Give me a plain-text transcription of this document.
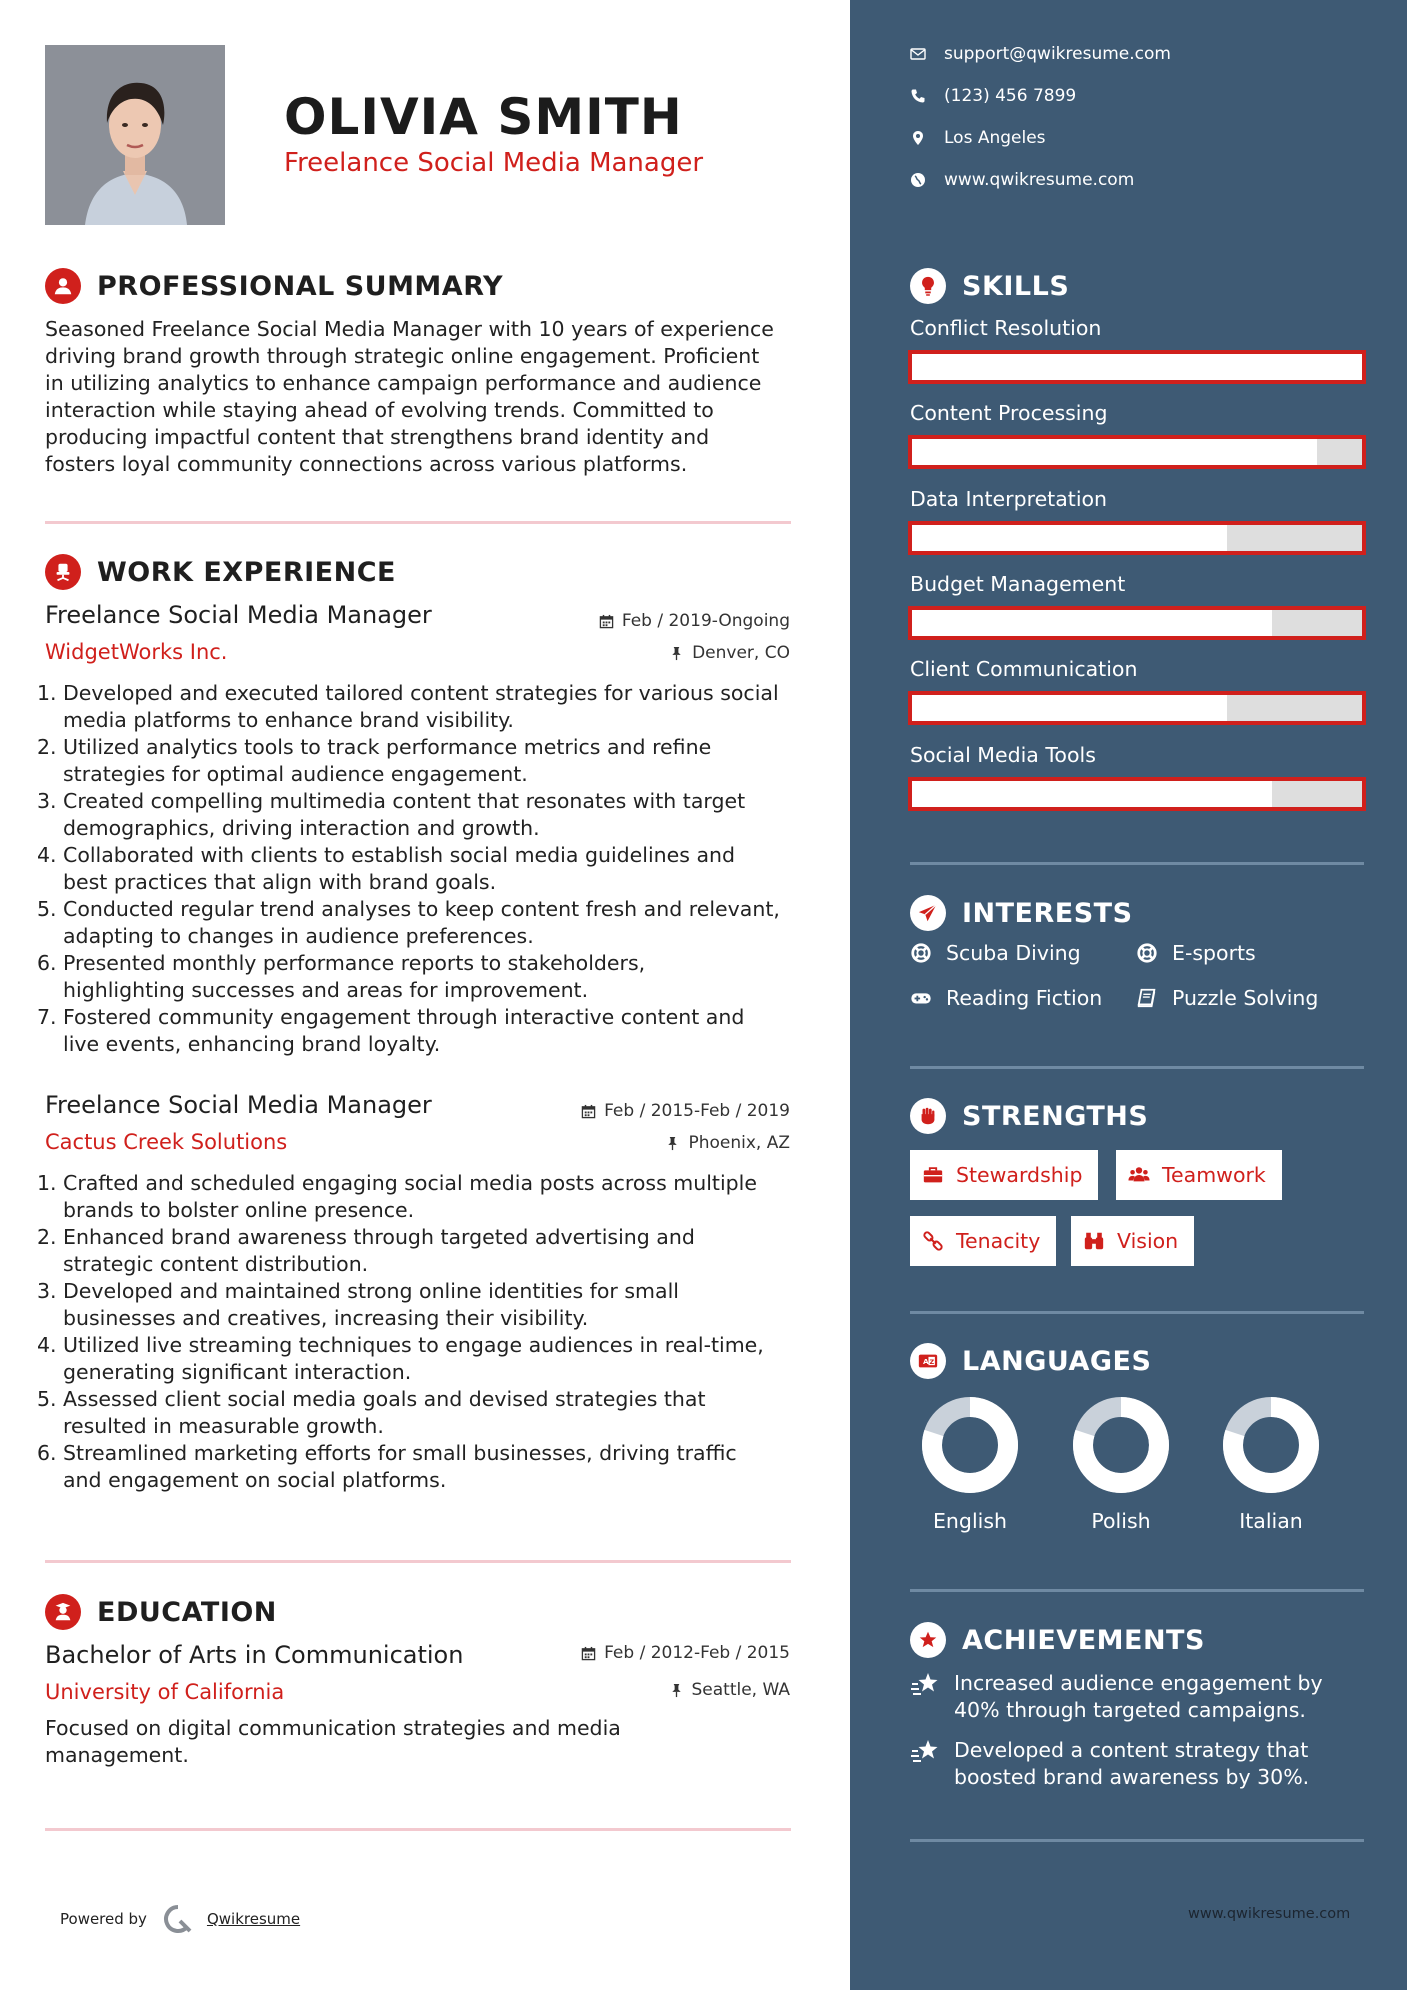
OLIVIA SMITH
Freelance Social Media Manager
PROFESSIONAL SUMMARY
Seasoned Freelance Social Media Manager with 10 years of experience
driving brand growth through strategic online engagement. Proficient
in utilizing analytics to enhance campaign performance and audience
interaction while staying ahead of evolving trends. Committed to
producing impactful content that strengthens brand identity and
fosters loyal community connections across various platforms.
WORK EXPERIENCE
Freelance Social Media Manager	Feb / 2019-Ongoing
WidgetWorks Inc.	Denver, CO
Developed and executed tailored content strategies for various social
media platforms to enhance brand visibility.
Utilized analytics tools to track performance metrics and refine
strategies for optimal audience engagement.
Created compelling multimedia content that resonates with target
demographics, driving interaction and growth.
Collaborated with clients to establish social media guidelines and
best practices that align with brand goals.
Conducted regular trend analyses to keep content fresh and relevant,
adapting to changes in audience preferences.
Presented monthly performance reports to stakeholders,
highlighting successes and areas for improvement.
Fostered community engagement through interactive content and
live events, enhancing brand loyalty.
Freelance Social Media Manager	Feb / 2015-Feb / 2019
Cactus Creek Solutions	Phoenix, AZ
Crafted and scheduled engaging social media posts across multiple
brands to bolster online presence.
Enhanced brand awareness through targeted advertising and
strategic content distribution.
Developed and maintained strong online identities for small
businesses and creatives, increasing their visibility.
Utilized live streaming techniques to engage audiences in real-time,
generating significant interaction.
Assessed client social media goals and devised strategies that
resulted in measurable growth.
Streamlined marketing efforts for small businesses, driving traffic
and engagement on social platforms.
EDUCATION
Bachelor of Arts in Communication	Feb / 2012-Feb / 2015
University of California	Seattle, WA
Focused on digital communication strategies and media
management.
Powered by	Qwikresume
support@qwikresume.com
(123) 456 7899
Los Angeles
www.qwikresume.com
SKILLS
Conflict Resolution
Content Processing
Data Interpretation
Budget Management
Client Communication
Social Media Tools
INTERESTS
Scuba Diving	E-sports
Reading Fiction	Puzzle Solving
STRENGTHS
Stewardship	Teamwork
Tenacity	Vision
A Z LANGUAGES
English	Polish	Italian
ACHIEVEMENTS
Increased audience engagement by
40% through targeted campaigns.
Developed a content strategy that
boosted brand awareness by 30%.
www.qwikresume.com
